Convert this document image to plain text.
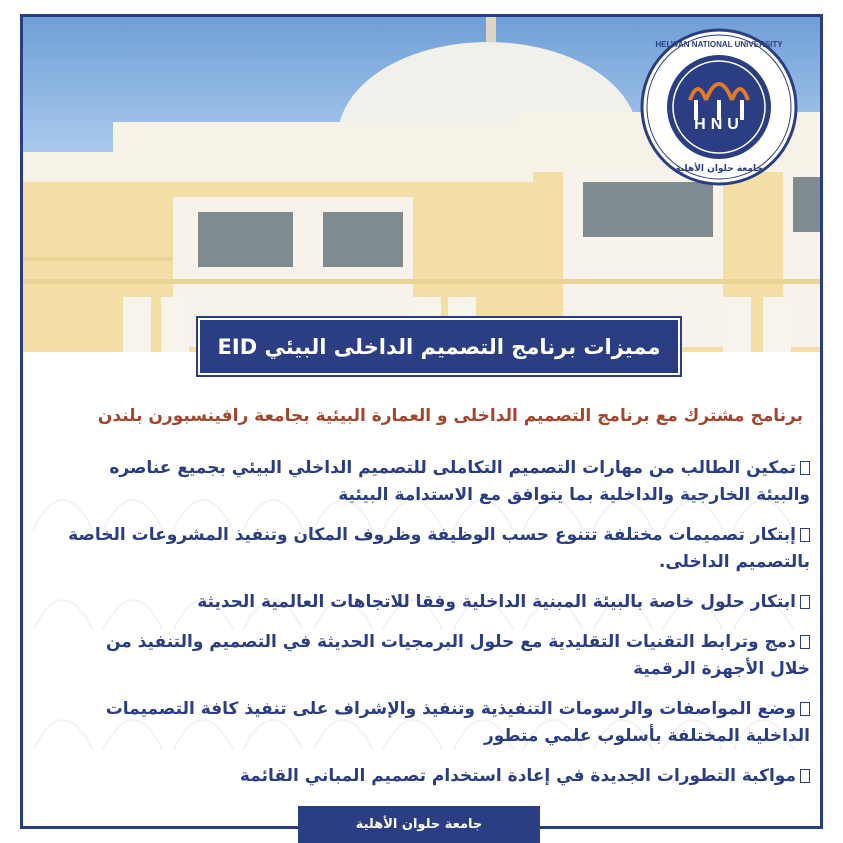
HNU
HELWAN NATIONAL UNIVERSITY
جامعة حلوان الأهلية
مميزات برنامج التصميم الداخلى البيئي EID
برنامج مشترك مع برنامج التصميم الداخلى و العمارة البيئية بجامعة رافينسبورن بلندن
تمكين الطالب من مهارات التصميم التكاملى للتصميم الداخلي البيئي بجميع عناصره والبيئة الخارجية والداخلية بما يتوافق مع الاستدامة البيئية
إبتكار تصميمات مختلفة تتنوع حسب الوظيفة وظروف المكان وتنفيذ المشروعات الخاصة بالتصميم الداخلى.
ابتكار حلول خاصة بالبيئة المبنية الداخلية وفقا للاتجاهات العالمية الحديثة
دمج وترابط التقنيات التقليدية مع حلول البرمجيات الحديثة في التصميم والتنفيذ من خلال الأجهزة الرقمية
وضع المواصفات والرسومات التنفيذية وتنفيذ والإشراف على تنفيذ كافة التصميمات الداخلية المختلفة بأسلوب علمي متطور
مواكبة التطورات الجديدة في إعادة استخدام تصميم المباني القائمة
جامعة حلوان الأهلية
